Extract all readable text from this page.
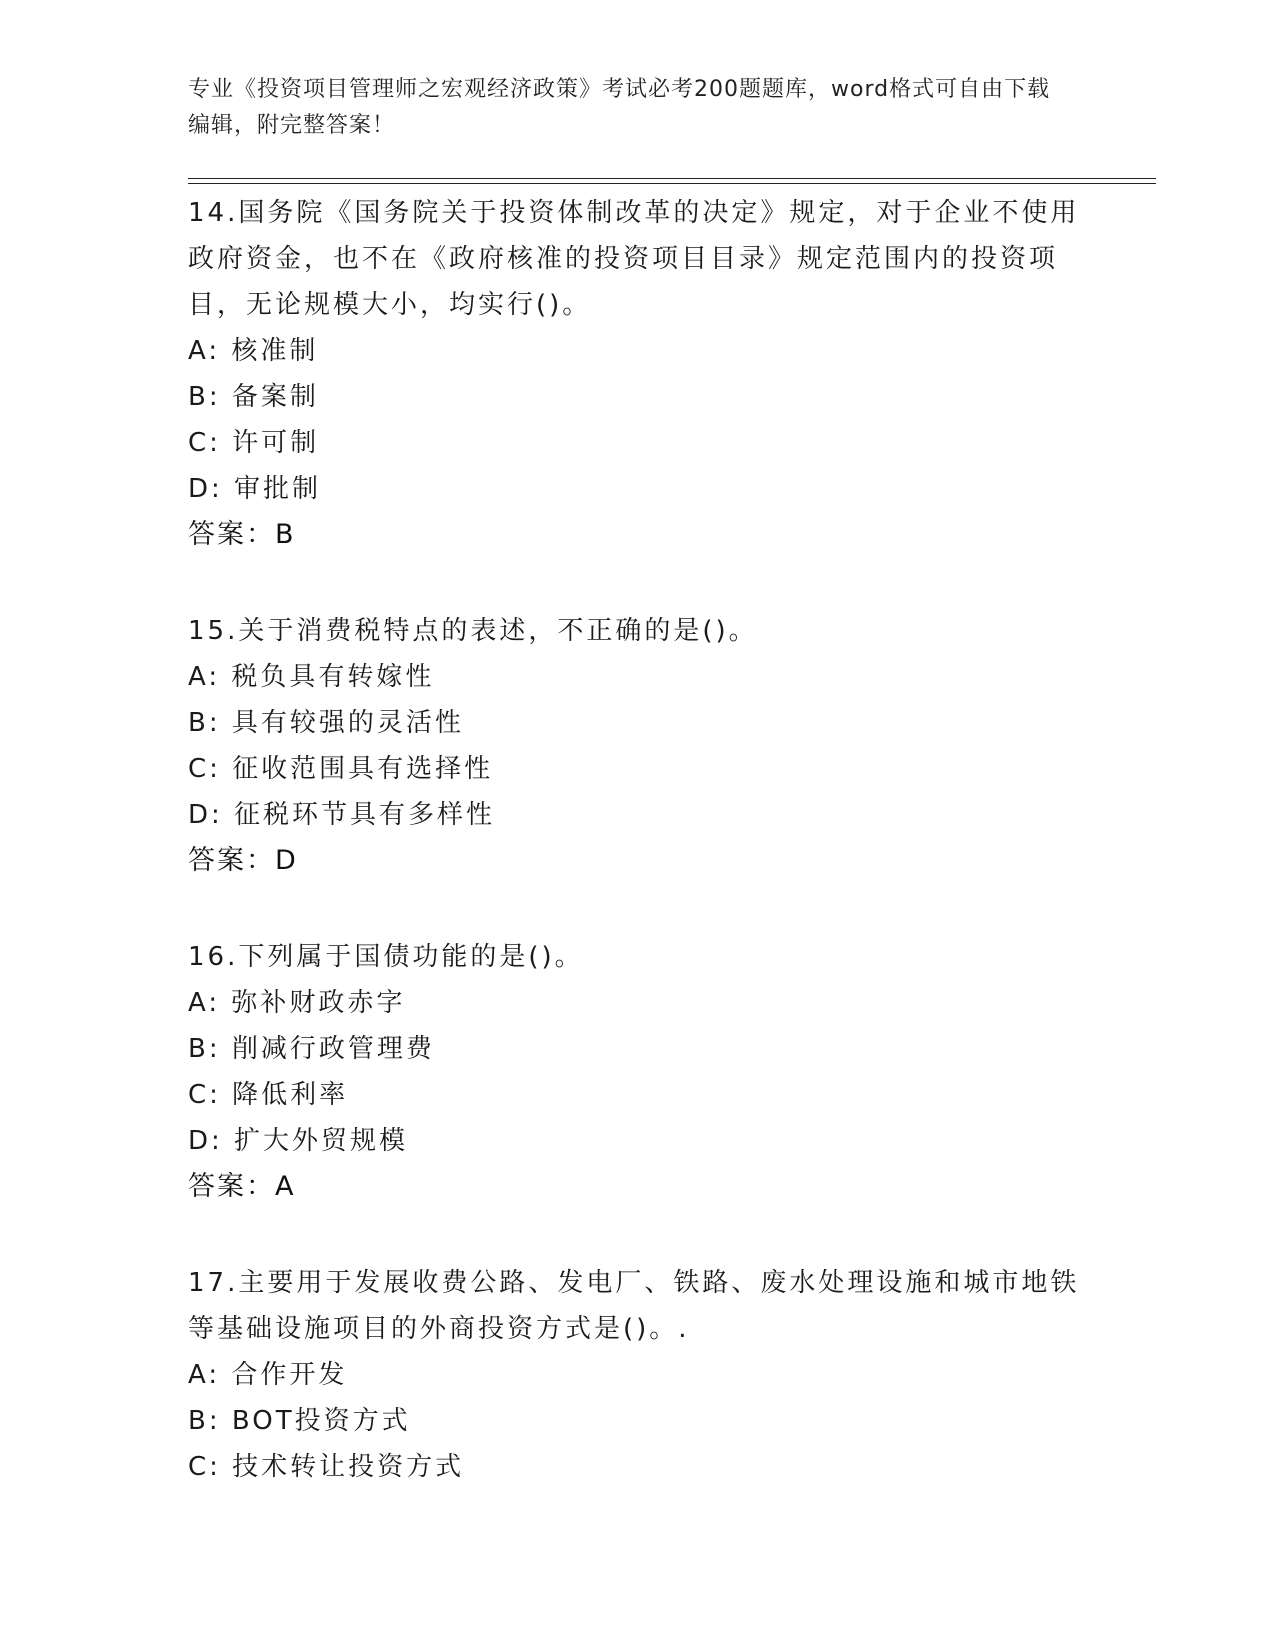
专业《投资项目管理师之宏观经济政策》考试必考200题题库，word格式可自由下载编辑，附完整答案！
14.国务院《国务院关于投资体制改革的决定》规定，对于企业不使用政府资金，也不在《政府核准的投资项目目录》规定范围内的投资项目，无论规模大小，均实行()。
A: 核准制
B: 备案制
C: 许可制
D: 审批制
答案：B
15.关于消费税特点的表述，不正确的是()。
A: 税负具有转嫁性
B: 具有较强的灵活性
C: 征收范围具有选择性
D: 征税环节具有多样性
答案：D
16.下列属于国债功能的是()。
A: 弥补财政赤字
B: 削减行政管理费
C: 降低利率
D: 扩大外贸规模
答案：A
17.主要用于发展收费公路、发电厂、铁路、废水处理设施和城市地铁等基础设施项目的外商投资方式是()。.
A: 合作开发
B: BOT投资方式
C: 技术转让投资方式
